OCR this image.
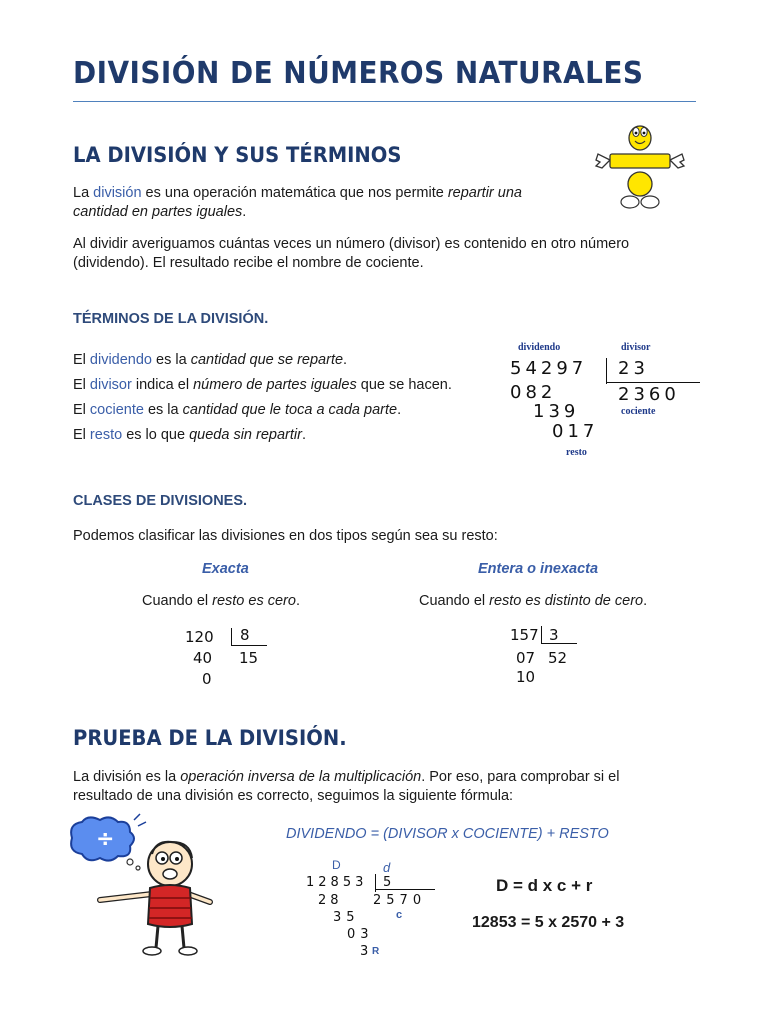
DIVISIÓN DE NÚMEROS NATURALES
LA DIVISIÓN Y SUS TÉRMINOS

La división es una operación matemática que nos permite repartir una
cantidad en partes iguales.

Al dividir averiguamos cuántas veces un número (divisor) es contenido en otro número
(dividendo). El resultado recibe el nombre de cociente.

TÉRMINOS DE LA DIVISIÓN.

El dividendo es la cantidad que se reparte.

El divisor indica el número de partes iguales que se hacen.

El cociente es la cantidad que le toca a cada parte.

El resto es lo que queda sin repartir.

dividendo	divisor
54297 23
082	2360
cociente
139
017
resto
CLASES DE DIVISIONES.

Podemos clasificar las divisiones en dos tipos según sea su resto:

Exacta	Entera o inexacta

Cuando el resto es cero.	Cuando el resto es distinto de cero.

120 8
40 15
0
157 3
07 52
10
PRUEBA DE LA DIVISIÓN.

La división es la operación inversa de la multiplicación. Por eso, para comprobar si el
resultado de una división es correcto, seguimos la siguiente fórmula:

DIVIDENDO = (DIVISOR x COCIENTE) + RESTO
÷
D	d
12853 5
28 2570
c
35
03
3 R
D = d x c + r
12853 = 5 x 2570 + 3
